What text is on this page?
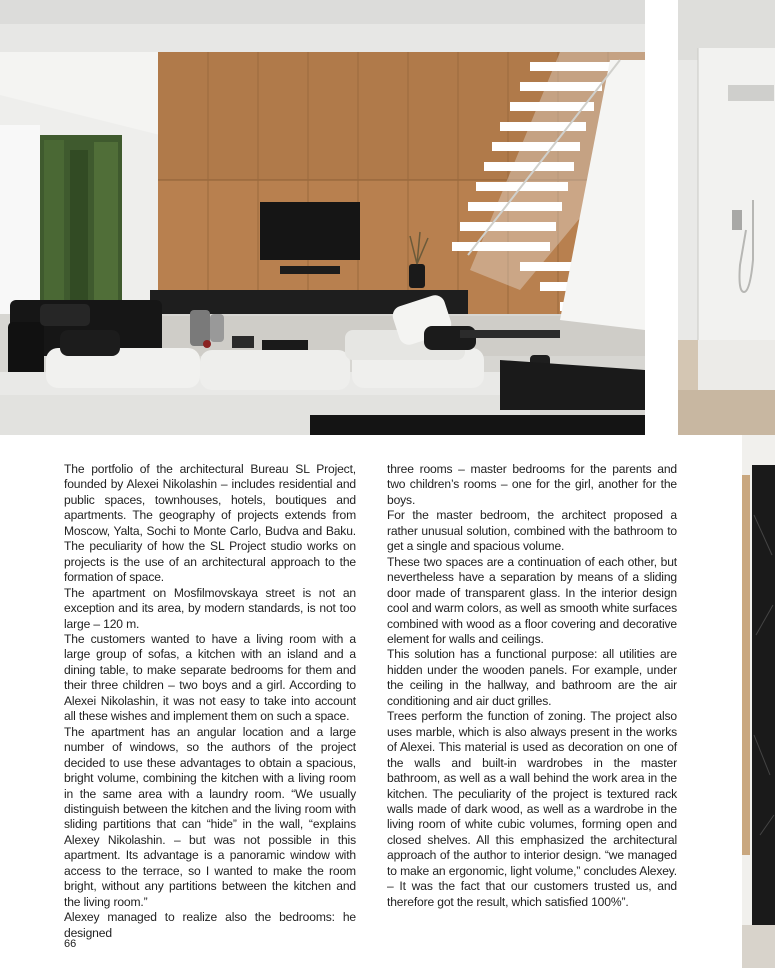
The portfolio of the architectural Bureau SL Project, founded by Alexei Nikolashin – includes residential and public spaces, townhouses, hotels, boutiques and apartments. The geography of projects extends from Moscow, Yalta, Sochi to Monte Carlo, Budva and Baku. The peculiarity of how the SL Project studio works on projects is the use of an architectural approach to the formation of space.

The apartment on Mosfilmovskaya street is not an exception and its area, by modern standards, is not too large – 120 m.

The customers wanted to have a living room with a large group of sofas, a kitchen with an island and a dining table, to make separate bedrooms for them and their three children – two boys and a girl. According to Alexei Nikolashin, it was not easy to take into account all these wishes and implement them on such a space.

The apartment has an angular location and a large number of windows, so the authors of the project decided to use these advantages to obtain a spacious, bright volume, combining the kitchen with a living room in the same area with a laundry room. “We usually distinguish between the kitchen and the living room with sliding partitions that can “hide” in the wall, “explains Alexey Nikolashin. – but was not possible in this apartment. Its advantage is a panoramic window with access to the terrace, so I wanted to make the room bright, without any partitions between the kitchen and the living room.”

Alexey managed to realize also the bedrooms: he designed

three rooms – master bedrooms for the parents and two children’s rooms – one for the girl, another for the boys.

For the master bedroom, the architect proposed a rather unusual solution, combined with the bathroom to get a single and spacious volume.

These two spaces are a continuation of each other, but nevertheless have a separation by means of a sliding door made of transparent glass. In the interior design cool and warm colors, as well as smooth white surfaces combined with wood as a floor covering and decorative element for walls and ceilings.

This solution has a functional purpose: all utilities are hidden under the wooden panels. For example, under the ceiling in the hallway, and bathroom are the air conditioning and air duct grilles.

Trees perform the function of zoning. The project also uses marble, which is also always present in the works of Alexei. This material is used as decoration on one of the walls and built-in wardrobes in the master bathroom, as well as a wall behind the work area in the kitchen. The peculiarity of the project is textured rack walls made of dark wood, as well as a wardrobe in the living room of white cubic volumes, forming open and closed shelves. All this emphasized the architectural approach of the author to interior design. “we managed to make an ergonomic, light volume,” concludes Alexey. – It was the fact that our customers trusted us, and therefore got the result, which satisfied 100%”.

66
